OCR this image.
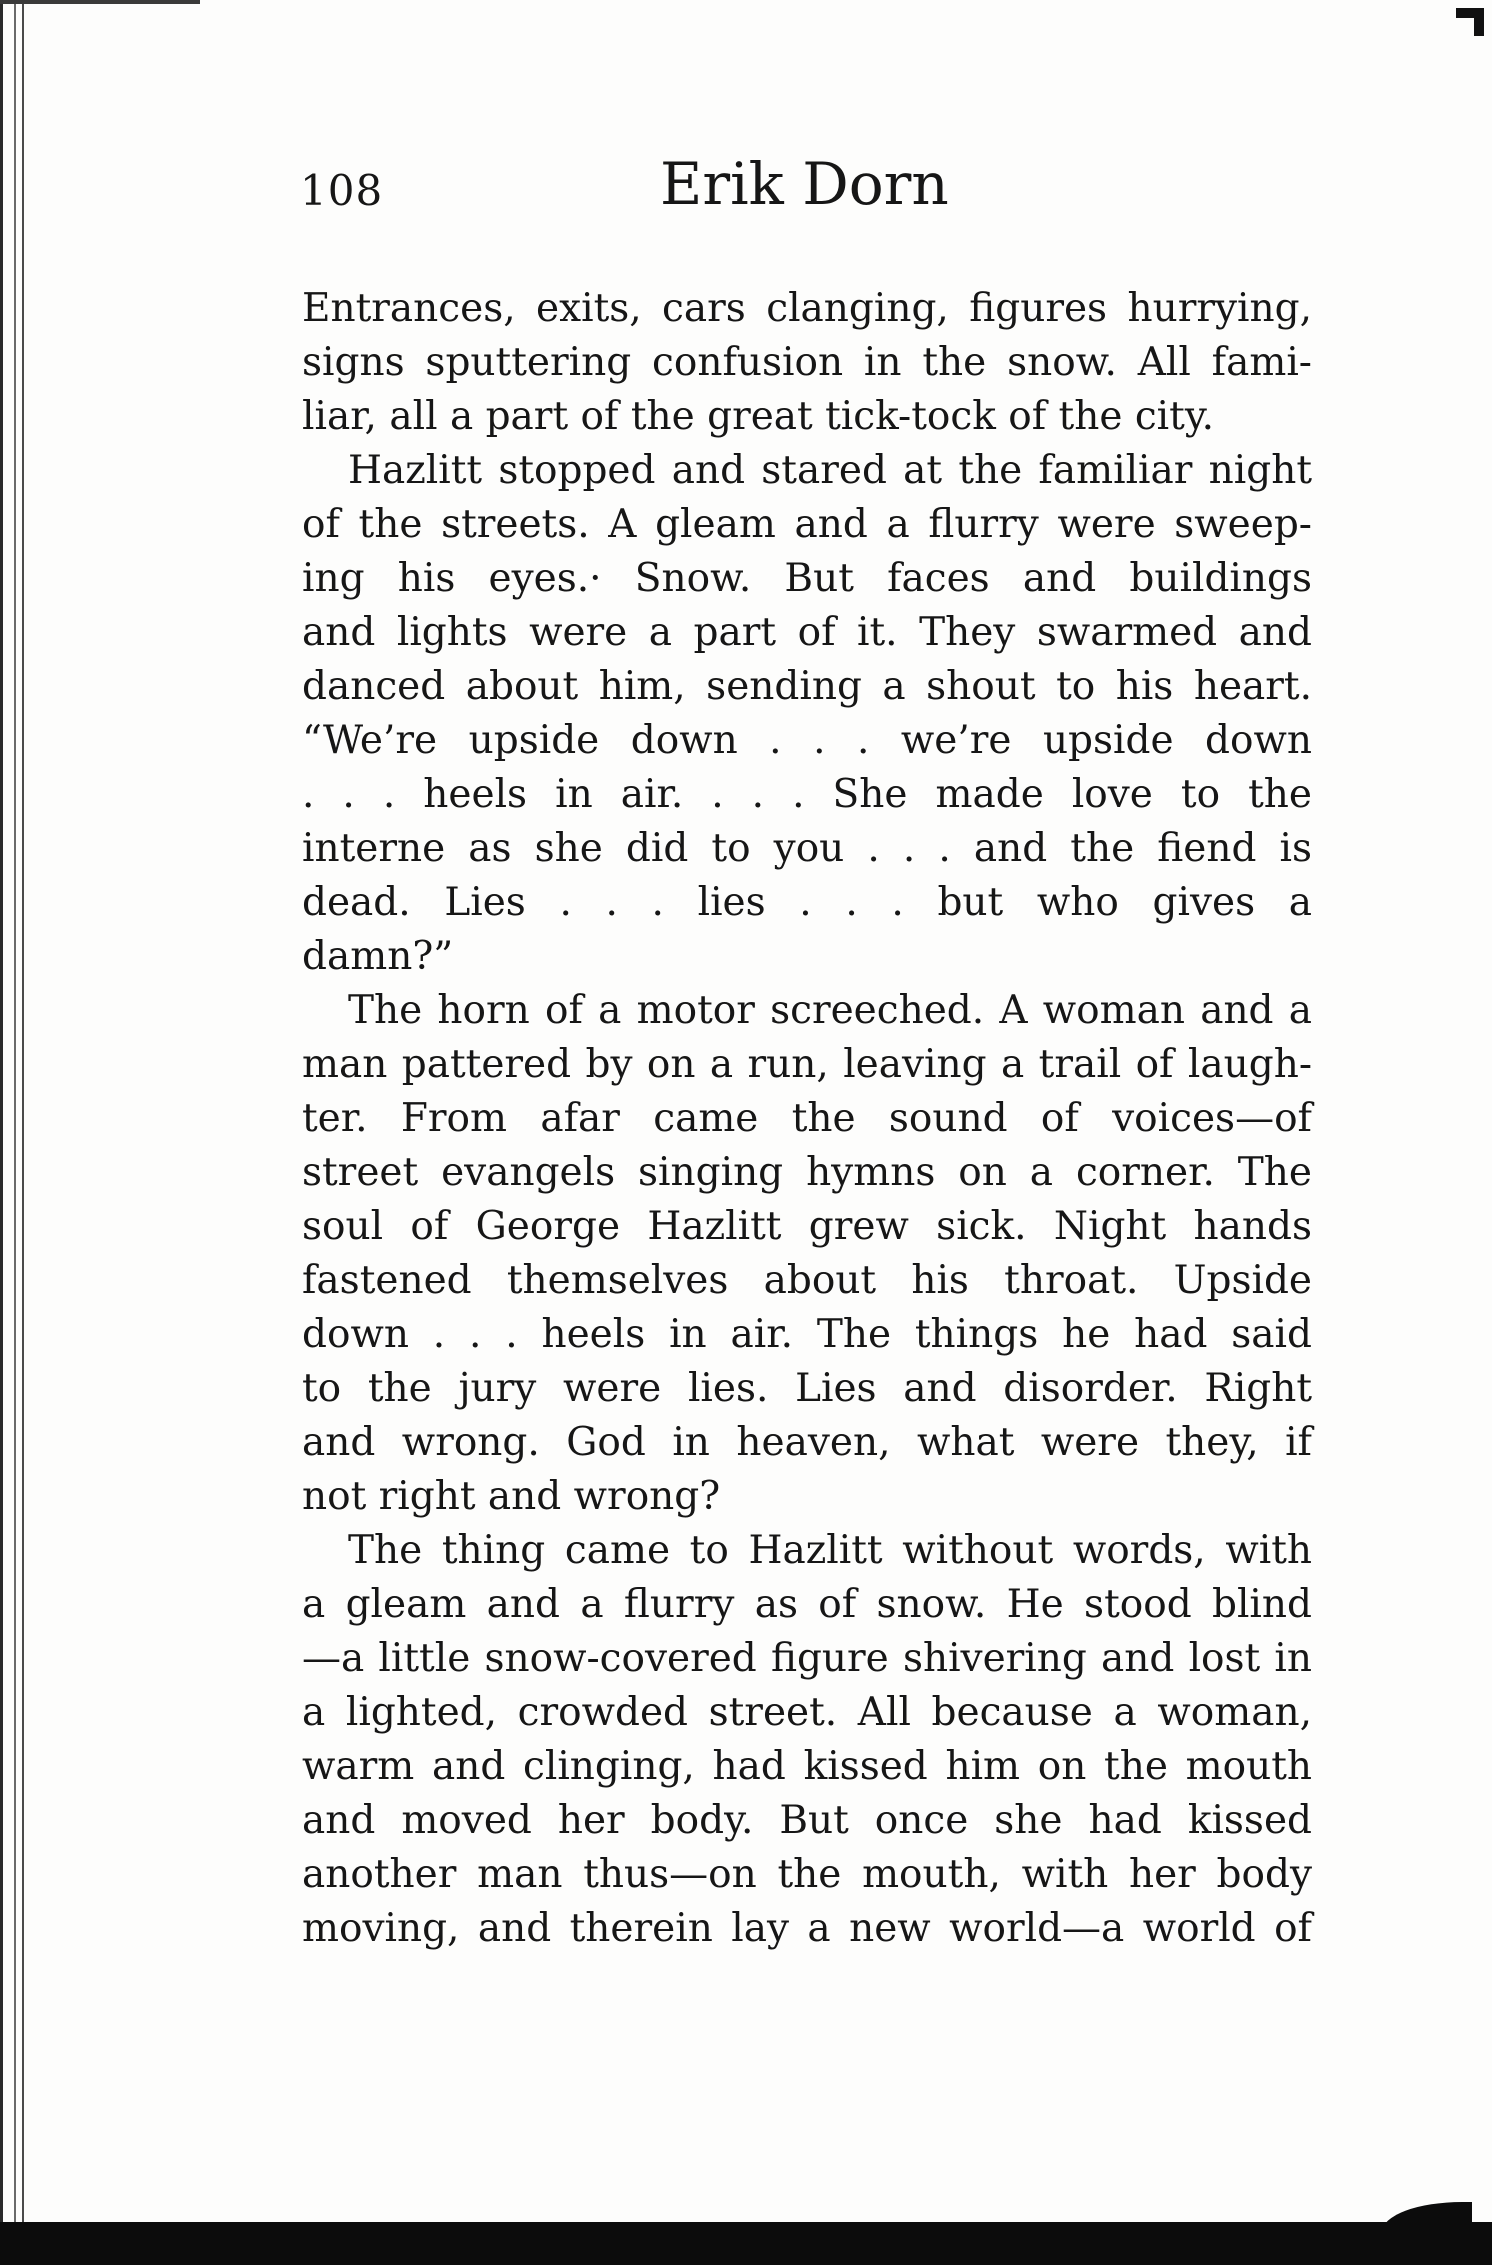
108	Erik Dorn
Entrances, exits, cars clanging, figures hurrying,
signs sputtering confusion in the snow. All fami-
liar, all a part of the great tick-tock of the city.
Hazlitt stopped and stared at the familiar night
of the streets. A gleam and a flurry were sweep-
ing his eyes.· Snow. But faces and buildings
and lights were a part of it. They swarmed and
danced about him, sending a shout to his heart.
“We’re upside down . . . we’re upside down
. . . heels in air. . . . She made love to the
interne as she did to you . . . and the fiend is
dead. Lies . . . lies . . . but who gives a
damn?”
The horn of a motor screeched. A woman and a
man pattered by on a run, leaving a trail of laugh-
ter. From afar came the sound of voices—of
street evangels singing hymns on a corner. The
soul of George Hazlitt grew sick. Night hands
fastened themselves about his throat. Upside
down . . . heels in air. The things he had said
to the jury were lies. Lies and disorder. Right
and wrong. God in heaven, what were they, if
not right and wrong?
The thing came to Hazlitt without words, with
a gleam and a flurry as of snow. He stood blind
—a little snow-covered figure shivering and lost in
a lighted, crowded street. All because a woman,
warm and clinging, had kissed him on the mouth
and moved her body. But once she had kissed
another man thus—on the mouth, with her body
moving, and therein lay a new world—a world of
